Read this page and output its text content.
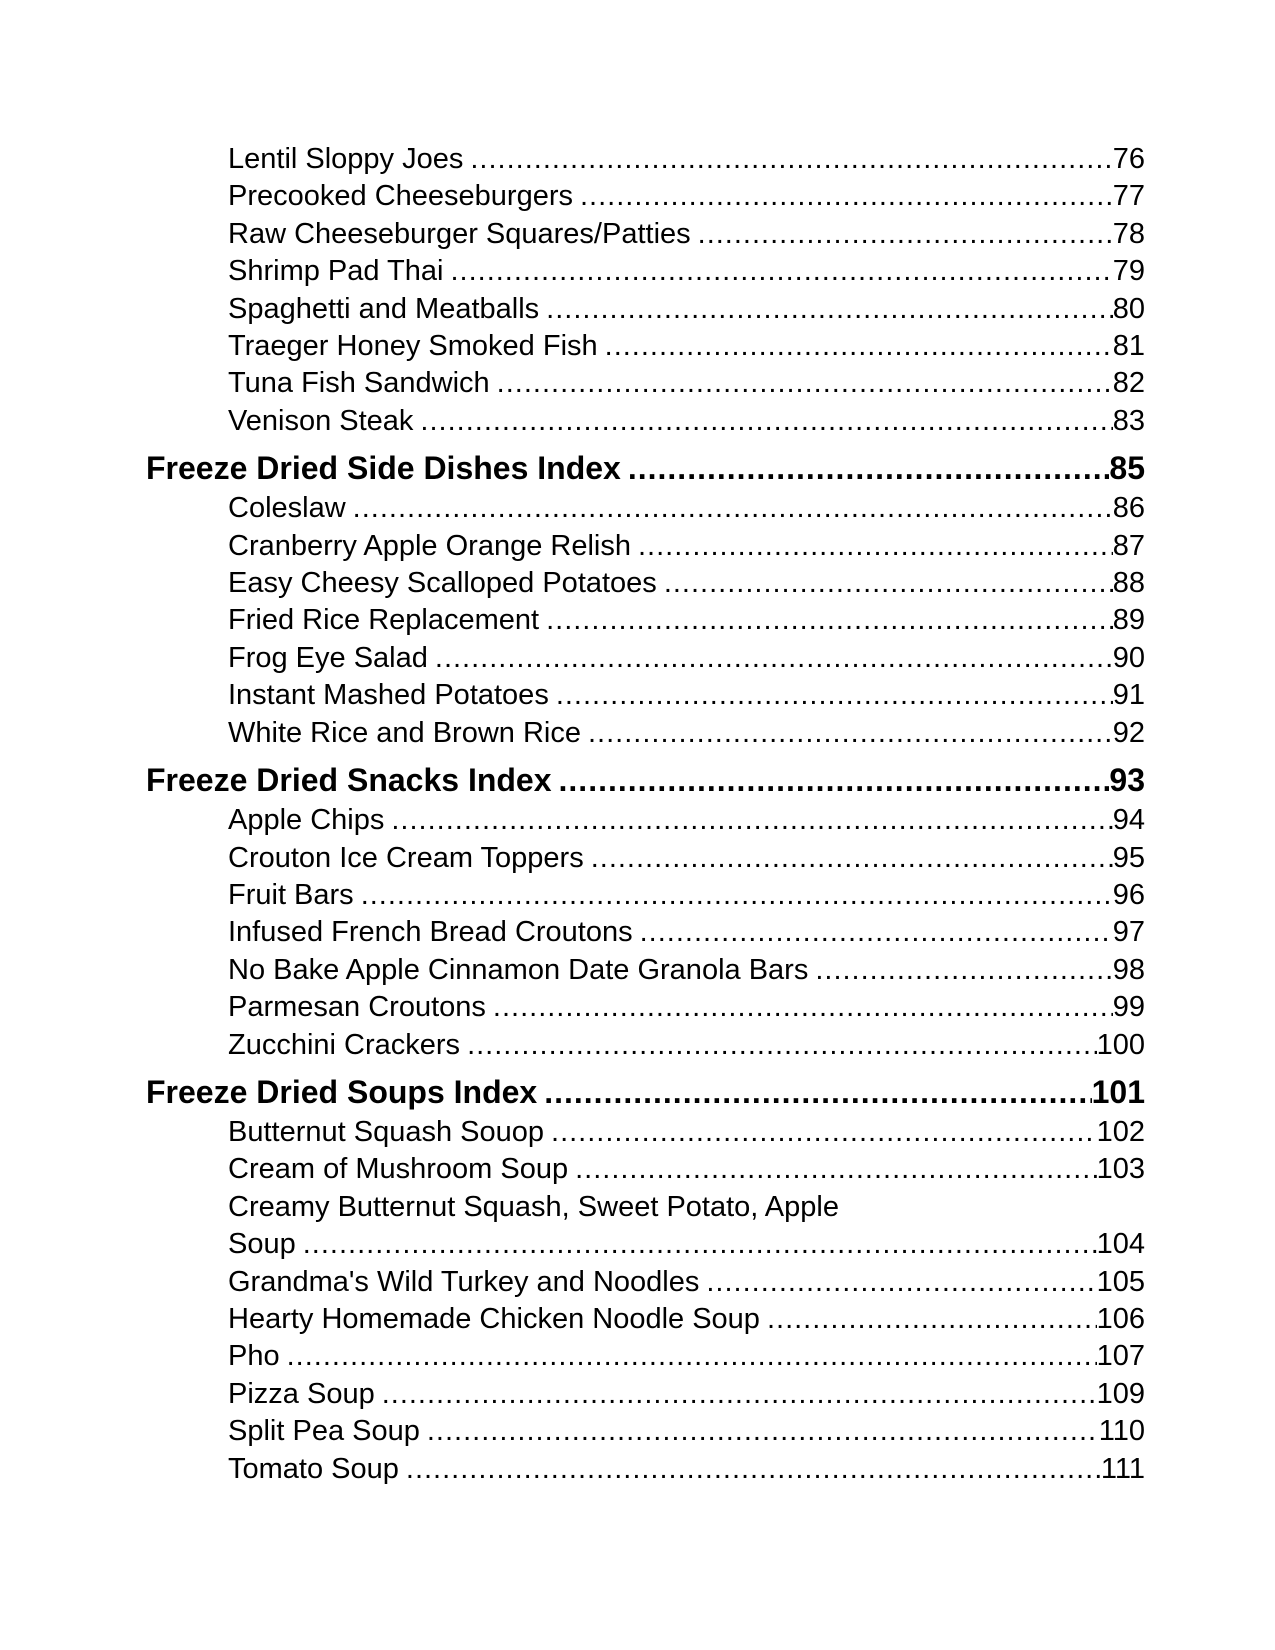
Lentil Sloppy Joes .....	76
Precooked Cheeseburgers .....	77
Raw Cheeseburger Squares/Patties .....	78
Shrimp Pad Thai .....	79
Spaghetti and Meatballs .....	80
Traeger Honey Smoked Fish .....	81
Tuna Fish Sandwich .....	82
Venison Steak .....	83
Freeze Dried Side Dishes Index .....	85
Coleslaw .....	86
Cranberry Apple Orange Relish .....	87
Easy Cheesy Scalloped Potatoes .....	88
Fried Rice Replacement .....	89
Frog Eye Salad .....	90
Instant Mashed Potatoes .....	91
White Rice and Brown Rice .....	92
Freeze Dried Snacks Index .....	93
Apple Chips .....	94
Crouton Ice Cream Toppers .....	95
Fruit Bars .....	96
Infused French Bread Croutons .....	97
No Bake Apple Cinnamon Date Granola Bars .....	98
Parmesan Croutons .....	99
Zucchini Crackers .....	100
Freeze Dried Soups Index .....	101
Butternut Squash Souop .....	102
Cream of Mushroom Soup .....	103
Creamy Butternut Squash, Sweet Potato, Apple
Soup .....	104
Grandma's Wild Turkey and Noodles .....	105
Hearty Homemade Chicken Noodle Soup .....	106
Pho .....	107
Pizza Soup .....	109
Split Pea Soup .....	110
Tomato Soup .....	111
